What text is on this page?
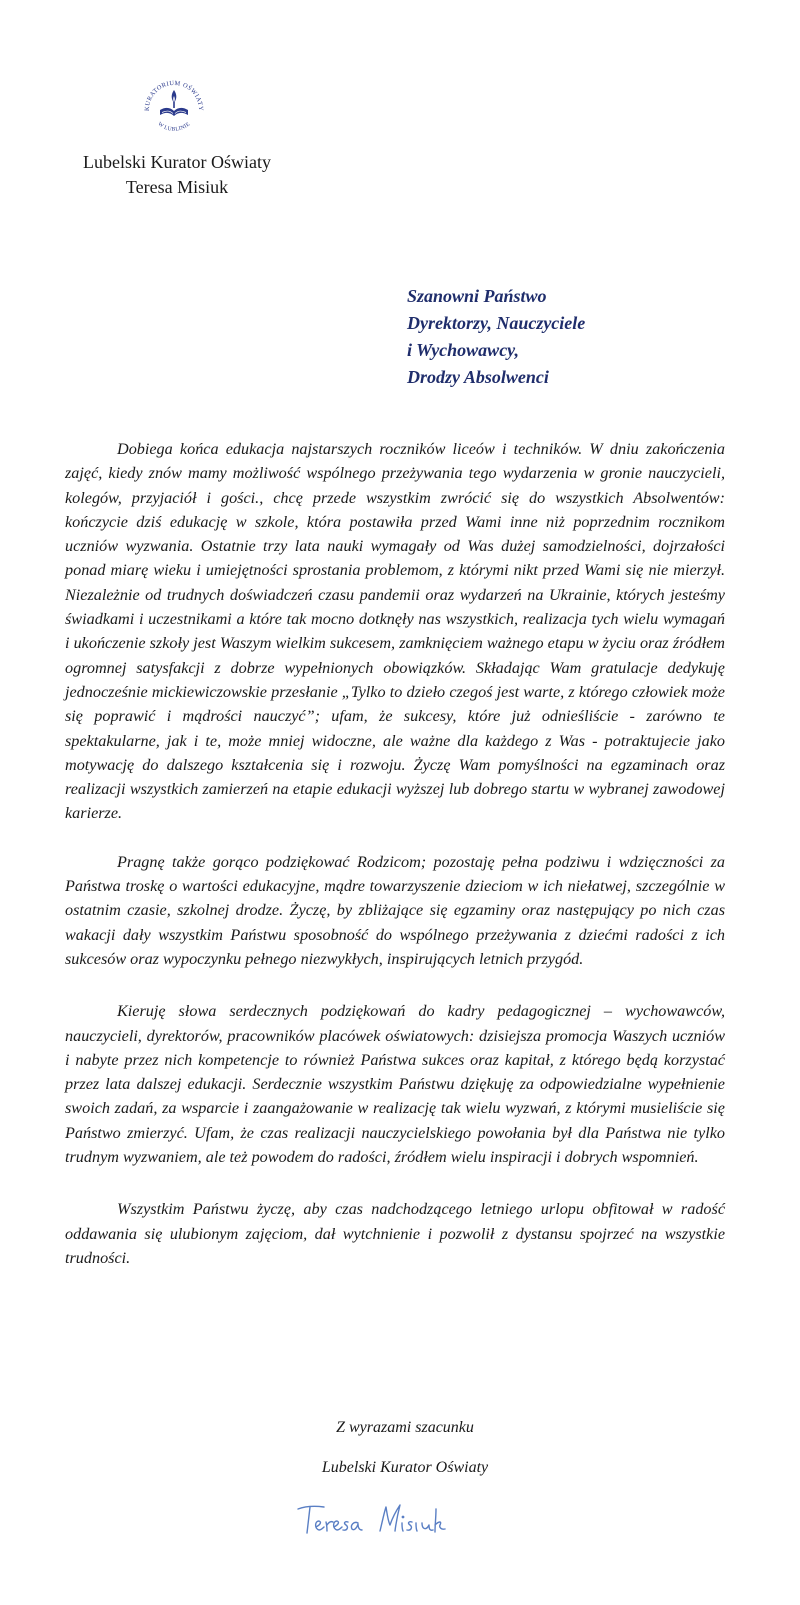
KURATORIUM OŚWIATY
W LUBLINIE
Lubelski Kurator Oświaty
Teresa Misiuk
Szanowni Państwo
Dyrektorzy, Nauczyciele
i Wychowawcy,
Drodzy Absolwenci

Dobiega końca edukacja najstarszych roczników liceów i techników. W dniu zakończenia zajęć, kiedy znów mamy możliwość wspólnego przeżywania tego wydarzenia w gronie nauczycieli, kolegów, przyjaciół i gości., chcę przede wszystkim zwrócić się do wszystkich Absolwentów: kończycie dziś edukację w szkole, która postawiła przed Wami inne niż poprzednim rocznikom uczniów wyzwania. Ostatnie trzy lata nauki wymagały od Was dużej samodzielności, dojrzałości ponad miarę wieku i umiejętności sprostania problemom, z którymi nikt przed Wami się nie mierzył. Niezależnie od trudnych doświadczeń czasu pandemii oraz wydarzeń na Ukrainie, których jesteśmy świadkami i uczestnikami a które tak mocno dotknęły nas wszystkich, realizacja tych wielu wymagań i ukończenie szkoły jest Waszym wielkim sukcesem, zamknięciem ważnego etapu w życiu oraz źródłem ogromnej satysfakcji z dobrze wypełnionych obowiązków. Składając Wam gratulacje dedykuję jednocześnie mickiewiczowskie przesłanie „Tylko to dzieło czegoś jest warte, z którego człowiek może się poprawić i mądrości nauczyć”; ufam, że sukcesy, które już odnieśliście - zarówno te spektakularne, jak i te, może mniej widoczne, ale ważne dla każdego z Was - potraktujecie jako motywację do dalszego kształcenia się i rozwoju. Życzę Wam pomyślności na egzaminach oraz realizacji wszystkich zamierzeń na etapie edukacji wyższej lub dobrego startu w wybranej zawodowej karierze.

Pragnę także gorąco podziękować Rodzicom; pozostaję pełna podziwu i wdzięczności za Państwa troskę o wartości edukacyjne, mądre towarzyszenie dzieciom w ich niełatwej, szczególnie w ostatnim czasie, szkolnej drodze. Życzę, by zbliżające się egzaminy oraz następujący po nich czas wakacji dały wszystkim Państwu sposobność do wspólnego przeżywania z dziećmi radości z ich sukcesów oraz wypoczynku pełnego niezwykłych, inspirujących letnich przygód.

Kieruję słowa serdecznych podziękowań do kadry pedagogicznej – wychowawców, nauczycieli, dyrektorów, pracowników placówek oświatowych: dzisiejsza promocja Waszych uczniów i nabyte przez nich kompetencje to również Państwa sukces oraz kapitał, z którego będą korzystać przez lata dalszej edukacji. Serdecznie wszystkim Państwu dziękuję za odpowiedzialne wypełnienie swoich zadań, za wsparcie i zaangażowanie w realizację tak wielu wyzwań, z którymi musieliście się Państwo zmierzyć. Ufam, że czas realizacji nauczycielskiego powołania był dla Państwa nie tylko trudnym wyzwaniem, ale też powodem do radości, źródłem wielu inspiracji i dobrych wspomnień.

Wszystkim Państwu życzę, aby czas nadchodzącego letniego urlopu obfitował w radość oddawania się ulubionym zajęciom, dał wytchnienie i pozwolił z dystansu spojrzeć na wszystkie trudności.

Z wyrazami szacunku
Lubelski Kurator Oświaty
